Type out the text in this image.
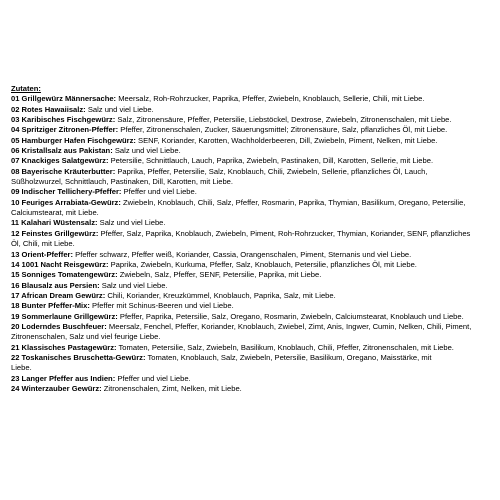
Zutaten:
01 Grillgewürz Männersache: Meersalz, Roh-Rohrzucker, Paprika, Pfeffer, Zwiebeln, Knoblauch, Sellerie, Chili, mit Liebe.
02 Rotes Hawaiisalz: Salz und viel Liebe.
03 Karibisches Fischgewürz: Salz, Zitronensäure, Pfeffer, Petersilie, Liebstöckel, Dextrose, Zwiebeln, Zitronenschalen, mit Liebe.
04 Spritziger Zitronen-Pfeffer: Pfeffer, Zitronenschalen, Zucker, Säuerungsmittel; Zitronensäure, Salz, pflanzliches Öl, mit Liebe.
05 Hamburger Hafen Fischgewürz: SENF, Koriander, Karotten, Wachholderbeeren, Dill, Zwiebeln, Piment, Nelken, mit Liebe.
06 Kristallsalz aus Pakistan: Salz und viel Liebe.
07 Knackiges Salatgewürz: Petersilie, Schnittlauch, Lauch, Paprika, Zwiebeln, Pastinaken, Dill, Karotten, Sellerie, mit Liebe.
08 Bayerische Kräuterbutter: Paprika, Pfeffer, Petersilie, Salz, Knoblauch, Chili, Zwiebeln, Sellerie, pflanzliches Öl, Lauch,
Süßholzwurzel, Schnittlauch, Pastinaken, Dill, Karotten, mit Liebe.
09 Indischer Tellichery-Pfeffer: Pfeffer und viel Liebe.
10 Feuriges Arrabiata-Gewürz: Zwiebeln, Knoblauch, Chili, Salz, Pfeffer, Rosmarin, Paprika, Thymian, Basilikum, Oregano, Petersilie,
Calciumstearat, mit Liebe.
11 Kalahari Wüstensalz: Salz und viel Liebe.
12 Feinstes Grillgewürz: Pfeffer, Salz, Paprika, Knoblauch, Zwiebeln, Piment, Roh-Rohrzucker, Thymian, Koriander, SENF, pflanzliches
Öl, Chili, mit Liebe.
13 Orient-Pfeffer: Pfeffer schwarz, Pfeffer weiß, Koriander, Cassia, Orangenschalen, Piment, Sternanis und viel Liebe.
14 1001 Nacht Reisgewürz: Paprika, Zwiebeln, Kurkuma, Pfeffer, Salz, Knoblauch, Petersilie, pflanzliches Öl, mit Liebe.
15 Sonniges Tomatengewürz: Zwiebeln, Salz, Pfeffer, SENF, Petersilie, Paprika, mit Liebe.
16 Blausalz aus Persien: Salz und viel Liebe.
17 African Dream Gewürz: Chili, Koriander, Kreuzkümmel, Knoblauch, Paprika, Salz, mit Liebe.
18 Bunter Pfeffer-Mix: Pfeffer mit Schinus-Beeren und viel Liebe.
19 Sommerlaune Grillgewürz: Pfeffer, Paprika, Petersilie, Salz, Oregano, Rosmarin, Zwiebeln, Calciumstearat, Knoblauch und Liebe.
20 Loderndes Buschfeuer: Meersalz, Fenchel, Pfeffer, Koriander, Knoblauch, Zwiebel, Zimt, Anis, Ingwer, Cumin, Nelken, Chili, Piment,
Zitronenschalen, Salz und viel feurige Liebe.
21 Klassisches Pastagewürz: Tomaten, Petersilie, Salz, Zwiebeln, Basilikum, Knoblauch, Chili, Pfeffer, Zitronenschalen, mit Liebe.
22 Toskanisches Bruschetta-Gewürz: Tomaten, Knoblauch, Salz, Zwiebeln, Petersilie, Basilikum, Oregano, Maisstärke, mit
Liebe.
23 Langer Pfeffer aus Indien: Pfeffer und viel Liebe.
24 Winterzauber Gewürz: Zitronenschalen, Zimt, Nelken, mit Liebe.
